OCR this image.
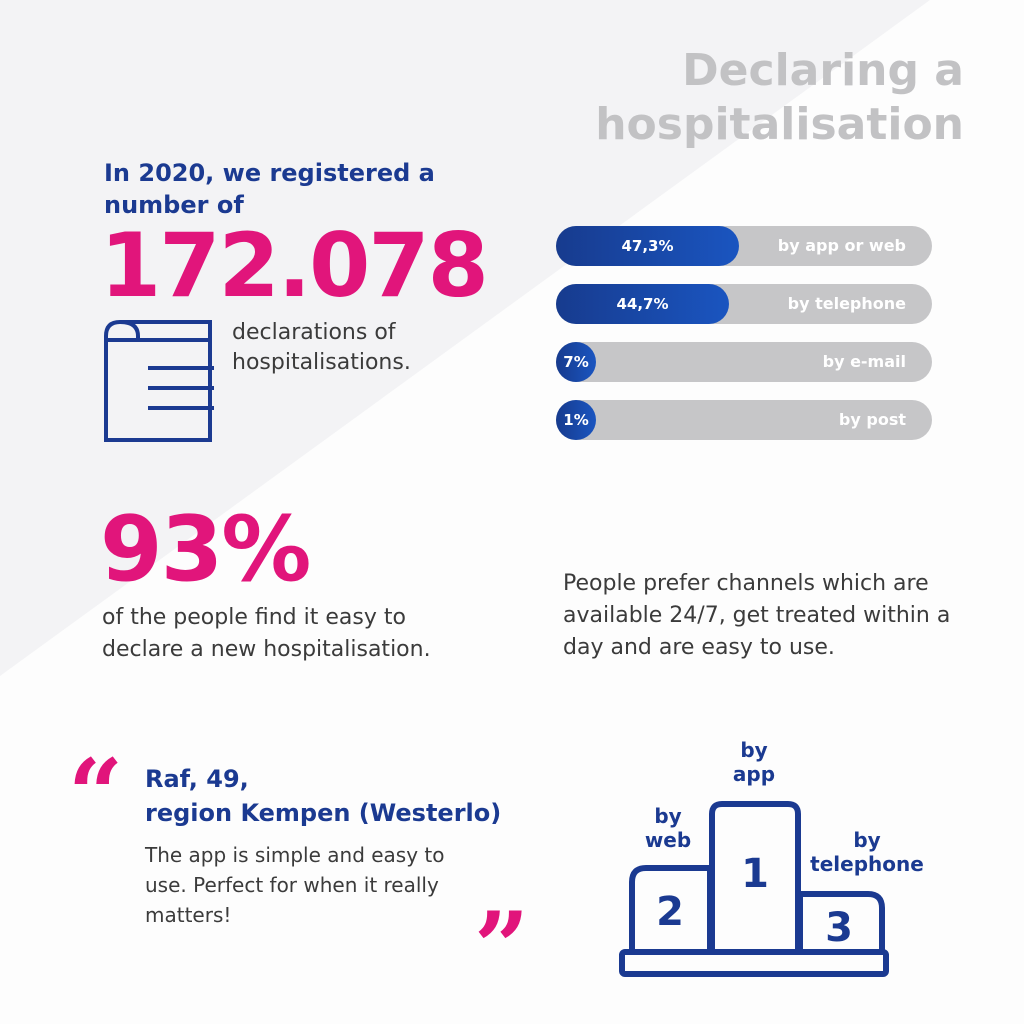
Declaring a hospitalisation
In 2020, we registered a number of
172.078
declarations of hospitalisations.
47,3%	by app or web
44,7%	by telephone
7%	by e-mail
1%	by post
93%
of the people find it easy to declare a new hospitalisation.
People prefer channels which are available 24/7, get treated within a day and are easy to use.
“ Raf, 49,
region Kempen (Westerlo)
The app is simple and easy to use. Perfect for when it really matters!	”
by
app
by
web	by
telephone
1
2	3
